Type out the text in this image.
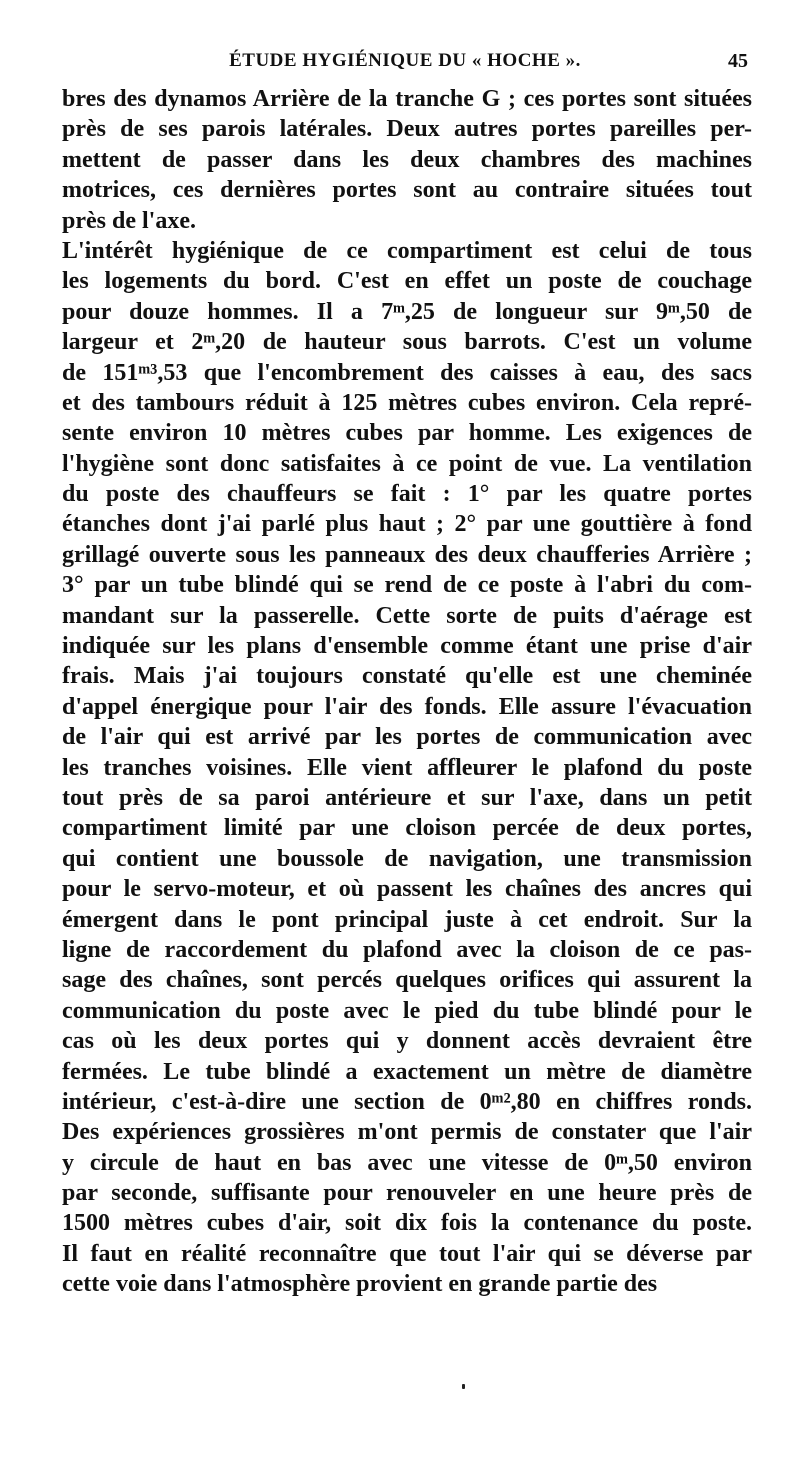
ÉTUDE HYGIÉNIQUE DU « HOCHE ».	45
bres des dynamos Arrière de la tranche G ; ces portes sont situées
près de ses parois latérales. Deux autres portes pareilles per-
mettent de passer dans les deux chambres des machines
motrices, ces dernières portes sont au contraire situées tout
près de l'axe.
L'intérêt hygiénique de ce compartiment est celui de tous
les logements du bord. C'est en effet un poste de couchage
pour douze hommes. Il a 7ᵐ,25 de longueur sur 9ᵐ,50 de
largeur et 2ᵐ,20 de hauteur sous barrots. C'est un volume
de 151ᵐ³,53 que l'encombrement des caisses à eau, des sacs
et des tambours réduit à 125 mètres cubes environ. Cela repré-
sente environ 10 mètres cubes par homme. Les exigences de
l'hygiène sont donc satisfaites à ce point de vue. La ventilation
du poste des chauffeurs se fait : 1° par les quatre portes
étanches dont j'ai parlé plus haut ; 2° par une gouttière à fond
grillagé ouverte sous les panneaux des deux chaufferies Arrière ;
3° par un tube blindé qui se rend de ce poste à l'abri du com-
mandant sur la passerelle. Cette sorte de puits d'aérage est
indiquée sur les plans d'ensemble comme étant une prise d'air
frais. Mais j'ai toujours constaté qu'elle est une cheminée
d'appel énergique pour l'air des fonds. Elle assure l'évacuation
de l'air qui est arrivé par les portes de communication avec
les tranches voisines. Elle vient affleurer le plafond du poste
tout près de sa paroi antérieure et sur l'axe, dans un petit
compartiment limité par une cloison percée de deux portes,
qui contient une boussole de navigation, une transmission
pour le servo-moteur, et où passent les chaînes des ancres qui
émergent dans le pont principal juste à cet endroit. Sur la
ligne de raccordement du plafond avec la cloison de ce pas-
sage des chaînes, sont percés quelques orifices qui assurent la
communication du poste avec le pied du tube blindé pour le
cas où les deux portes qui y donnent accès devraient être
fermées. Le tube blindé a exactement un mètre de diamètre
intérieur, c'est-à-dire une section de 0ᵐ²,80 en chiffres ronds.
Des expériences grossières m'ont permis de constater que l'air
y circule de haut en bas avec une vitesse de 0ᵐ,50 environ
par seconde, suffisante pour renouveler en une heure près de
1500 mètres cubes d'air, soit dix fois la contenance du poste.
Il faut en réalité reconnaître que tout l'air qui se déverse par
cette voie dans l'atmosphère provient en grande partie des
